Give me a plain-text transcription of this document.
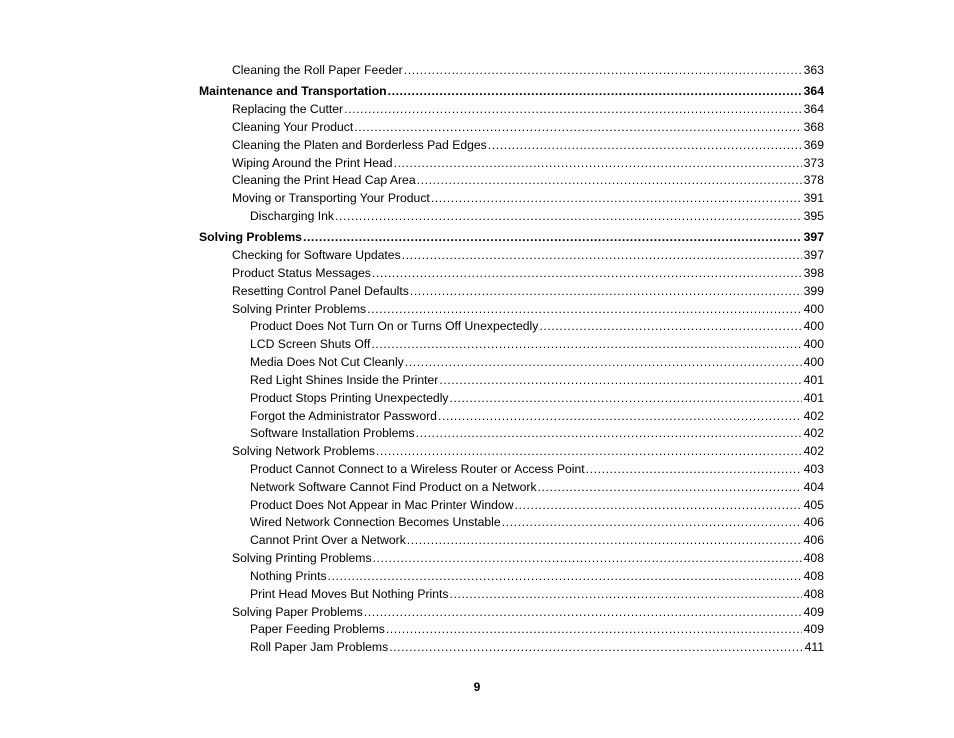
Cleaning the Roll Paper Feeder .....	363
Maintenance and Transportation .....	364
Replacing the Cutter .....	364
Cleaning Your Product .....	368
Cleaning the Platen and Borderless Pad Edges .....	369
Wiping Around the Print Head .....	373
Cleaning the Print Head Cap Area .....	378
Moving or Transporting Your Product .....	391
Discharging Ink .....	395
Solving Problems .....	397
Checking for Software Updates .....	397
Product Status Messages .....	398
Resetting Control Panel Defaults .....	399
Solving Printer Problems .....	400
Product Does Not Turn On or Turns Off Unexpectedly .....	400
LCD Screen Shuts Off .....	400
Media Does Not Cut Cleanly .....	400
Red Light Shines Inside the Printer .....	401
Product Stops Printing Unexpectedly .....	401
Forgot the Administrator Password .....	402
Software Installation Problems .....	402
Solving Network Problems .....	402
Product Cannot Connect to a Wireless Router or Access Point .....	403
Network Software Cannot Find Product on a Network .....	404
Product Does Not Appear in Mac Printer Window .....	405
Wired Network Connection Becomes Unstable .....	406
Cannot Print Over a Network .....	406
Solving Printing Problems .....	408
Nothing Prints .....	408
Print Head Moves But Nothing Prints .....	408
Solving Paper Problems .....	409
Paper Feeding Problems .....	409
Roll Paper Jam Problems .....	411
9
